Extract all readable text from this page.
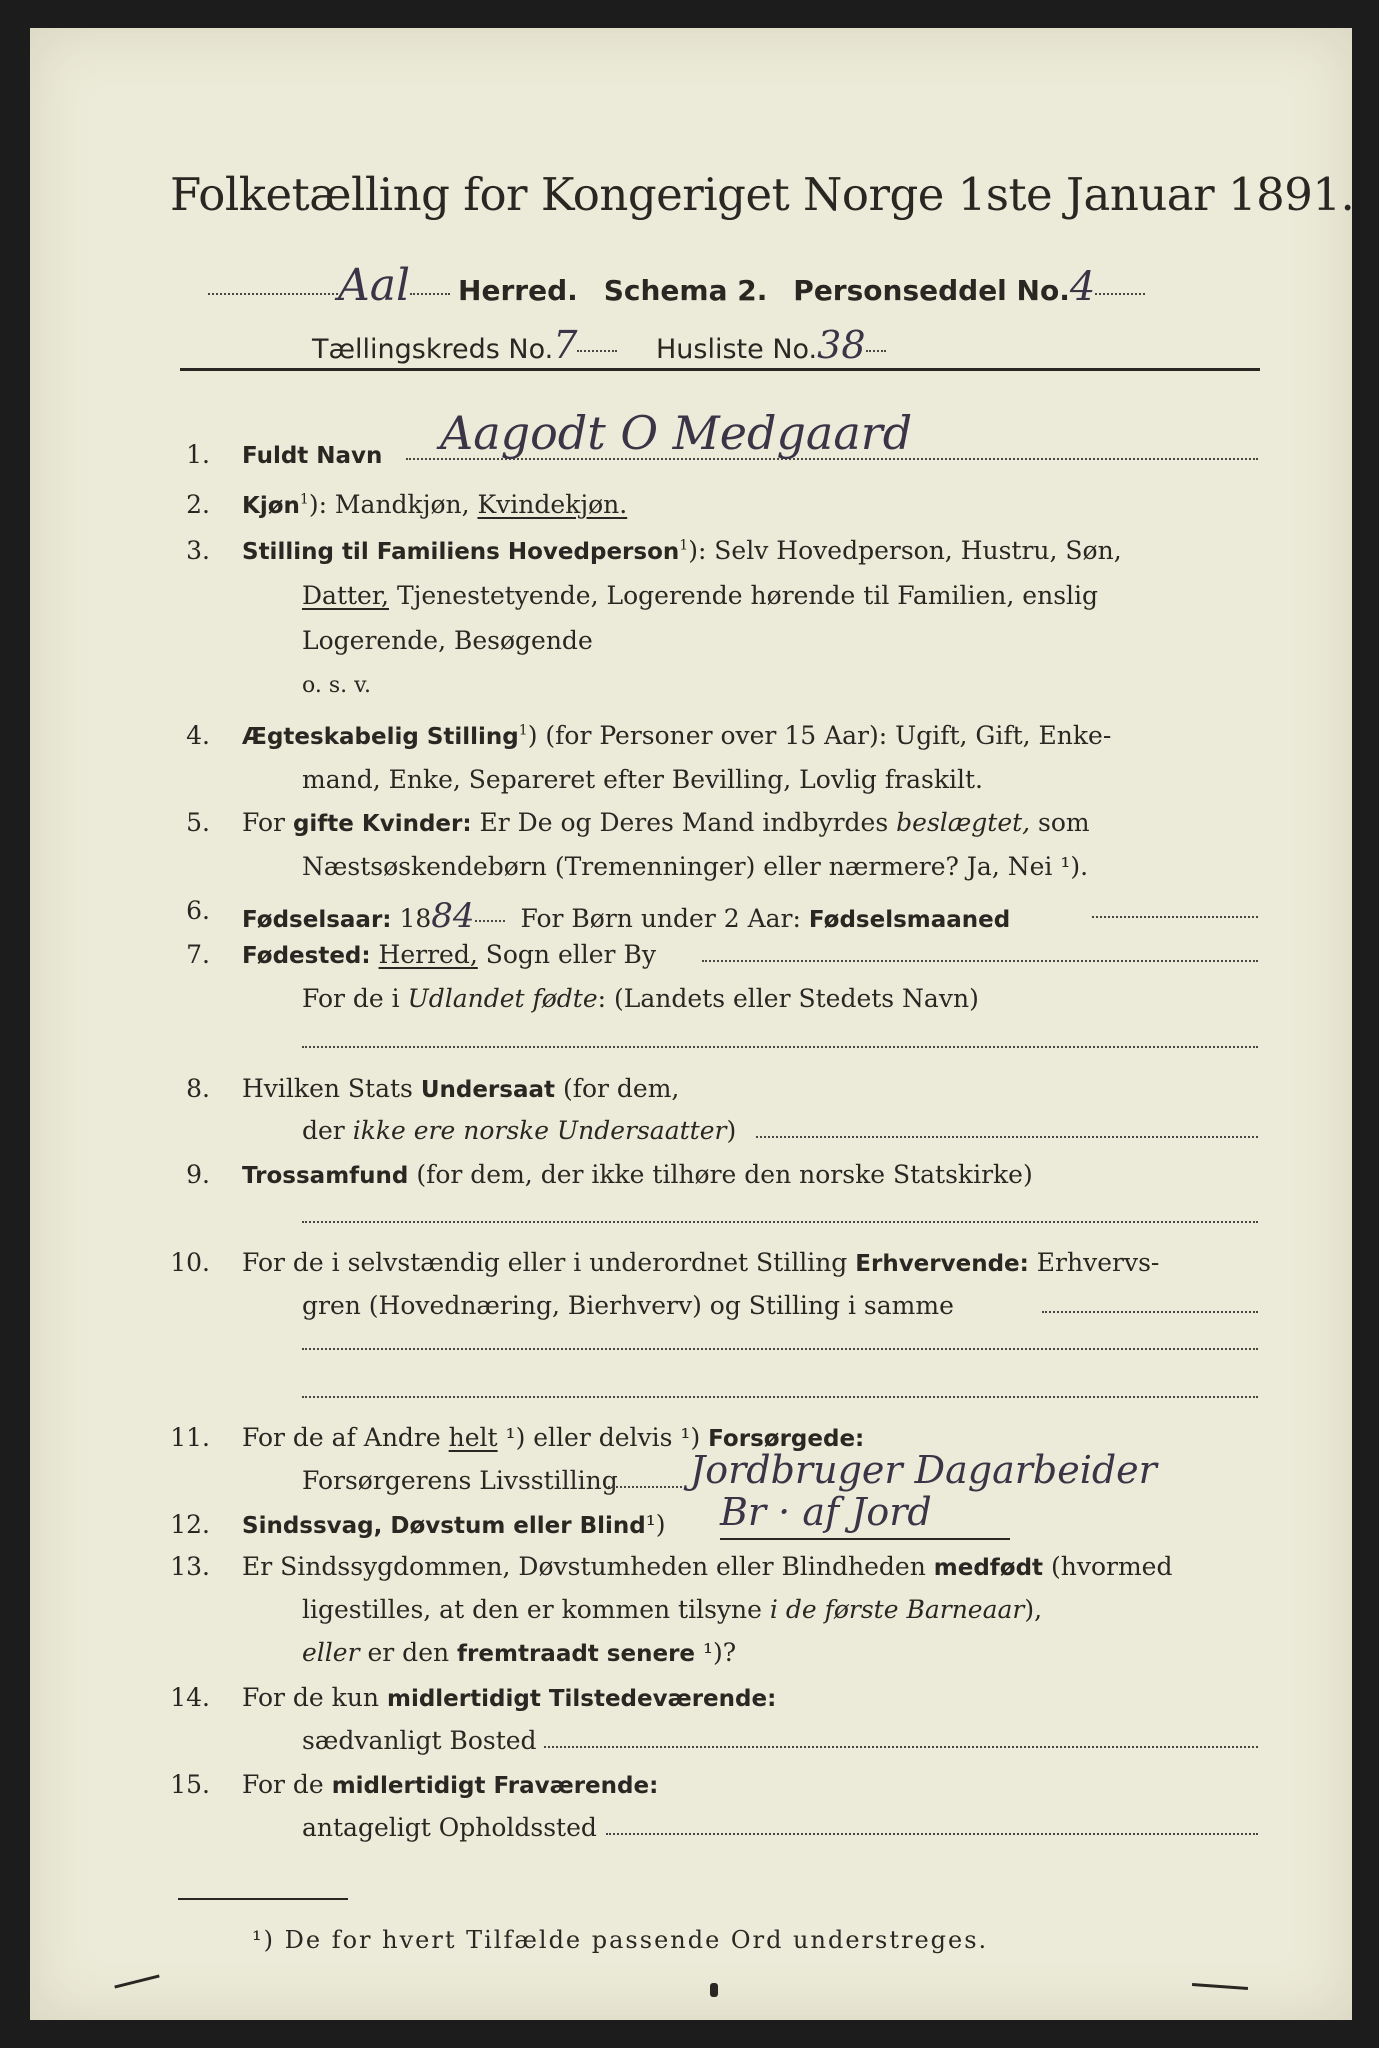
Folketælling for Kongeriget Norge 1ste Januar 1891.
Aal Herred. Schema 2. Personseddel No.4
Tællingskreds No.7	Husliste No.38
1. Fuldt Navn Aagodt O Medgaard
2. Kjøn$^1$): Mandkjøn, Kvindekjøn.
3. Stilling til Familiens Hovedperson$^1$): Selv Hovedperson, Hustru, Søn,
Datter, Tjenestetyende, Logerende hørende til Familien, enslig
Logerende, Besøgende
o. s. v.
4. Ægteskabelig Stilling$^1$) (for Personer over 15 Aar): Ugift, Gift, Enke-
mand, Enke, Separeret efter Bevilling, Lovlig fraskilt.
5. For gifte Kvinder: Er De og Deres Mand indbyrdes beslægtet, som
Næstsøskendebørn (Tremenninger) eller nærmere? Ja, Nei ¹).
6. Fødselsaar: 1884 For Børn under 2 Aar: Fødselsmaaned
7. Fødested: Herred, Sogn eller By
For de i Udlandet fødte: (Landets eller Stedets Navn)
8. Hvilken Stats Undersaat (for dem,
der ikke ere norske Undersaatter)
9. Trossamfund (for dem, der ikke tilhøre den norske Statskirke)
10. For de i selvstændig eller i underordnet Stilling Erhvervende: Erhvervs-
gren (Hovednæring, Bierhverv) og Stilling i samme
11. For de af Andre helt ¹) eller delvis ¹) Forsørgede:
Forsørgerens Livsstilling Jordbruger Dagarbeider
12. Sindssvag, Døvstum eller Blind¹) Br · af Jord
13. Er Sindssygdommen, Døvstumheden eller Blindheden medfødt (hvormed
ligestilles, at den er kommen tilsyne i de første Barneaar),
eller er den fremtraadt senere ¹)?
14. For de kun midlertidigt Tilstedeværende:
sædvanligt Bosted
15. For de midlertidigt Fraværende:
antageligt Opholdssted
¹) De for hvert Tilfælde passende Ord understreges.
